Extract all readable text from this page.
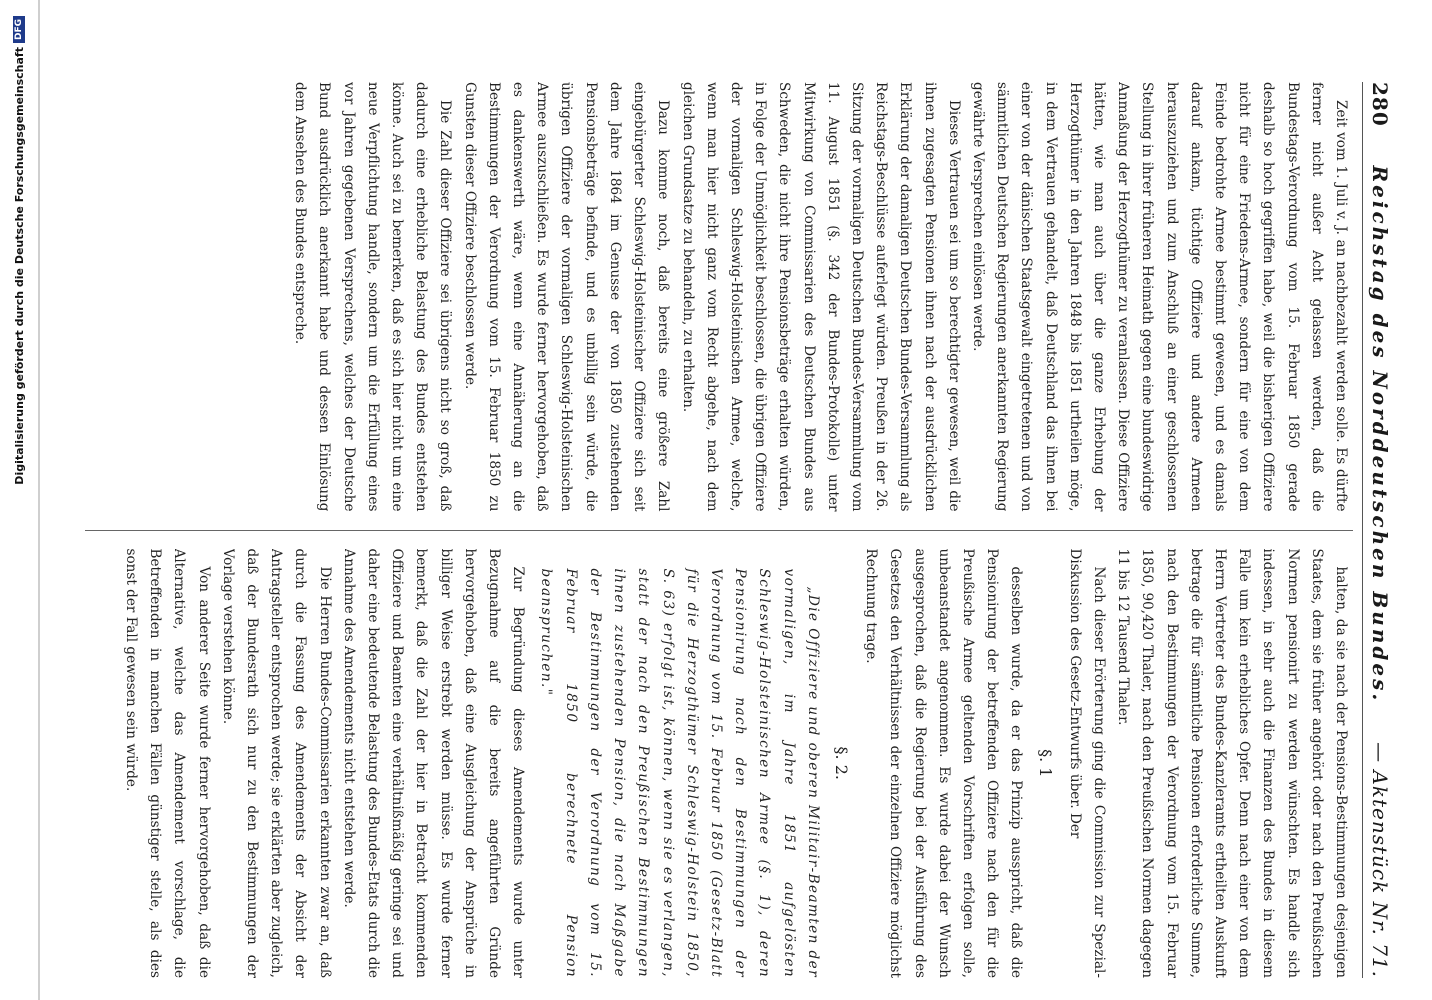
Digitalisierung gefördert durch die Deutsche Forschungsgemeinschaft
DFG
280
Reichstag des Norddeutschen Bundes.
— Aktenstück Nr. 71.

Zeit vom 1. Juli v. J. an nachbezahlt werden solle. Es dürfte ferner nicht außer Acht gelassen werden, daß die Bundestags-Verordnung vom 15. Februar 1850 gerade deshalb so hoch gegriffen habe, weil die bisherigen Offiziere nicht für eine Friedens-Armee, sondern für eine von dem Feinde bedrohte Armee bestimmt gewesen, und es damals darauf ankam, tüchtige Offiziere und andere Armeen herauszuziehen und zum Anschluß an einer geschlossenen Stellung in ihrer früheren Heimath gegen eine bundeswidrige Anmaßung der Herzogthümer zu veranlassen. Diese Offiziere hätten, wie man auch über die ganze Erhebung der Herzogthümer in den Jahren 1848 bis 1851 urtheilen möge, in dem Vertrauen gehandelt, daß Deutschland das ihnen bei einer von der dänischen Staatsgewalt eingetretenen und von sämmtlichen Deutschen Regierungen anerkannten Regierung gewährte Versprechen einlösen werde.

Dieses Vertrauen sei um so berechtigter gewesen, weil die ihnen zugesagten Pensionen ihnen nach der ausdrücklichen Erklärung der damaligen Deutschen Bundes-Versammlung als Reichstags-Beschlüsse auferlegt würden. Preußen in der 26. Sitzung der vormaligen Deutschen Bundes-Versammlung vom 11. August 1851 (§. 342 der Bundes-Protokolle) unter Mitwirkung von Commissarien des Deutschen Bundes aus Schweden, die nicht ihre Pensionsbeträge erhalten würden, in Folge der Unmöglichkeit beschlossen, die übrigen Offiziere der vormaligen Schleswig-Holsteinischen Armee, welche, wenn man hier nicht ganz vom Recht abgehe, nach dem gleichen Grundsatze zu behandeln, zu erhalten.

Dazu komme noch, daß bereits eine größere Zahl eingebürgerter Schleswig-Holsteinischer Offiziere sich seit dem Jahre 1864 im Genusse der von 1850 zustehenden Pensionsbeträge befinde, und es unbillig sein würde, die übrigen Offiziere der vormaligen Schleswig-Holsteinischen Armee auszuschließen. Es wurde ferner hervorgehoben, daß es dankenswerth wäre, wenn eine Annäherung an die Bestimmungen der Verordnung vom 15. Februar 1850 zu Gunsten dieser Offiziere beschlossen werde.

Die Zahl dieser Offiziere sei übrigens nicht so groß, daß dadurch eine erhebliche Belastung des Bundes entstehen könne. Auch sei zu bemerken, daß es sich hier nicht um eine neue Verpflichtung handle, sondern um die Erfüllung eines vor Jahren gegebenen Versprechens, welches der Deutsche Bund ausdrücklich anerkannt habe und dessen Einlösung dem Ansehen des Bundes entspreche.

halten, da sie nach der Pensions-Bestimmungen desjenigen Staates, dem sie früher angehört oder nach den Preußischen Normen pensionirt zu werden wünschten. Es handle sich indessen, in sehr auch die Finanzen des Bundes in diesem Falle um kein erhebliches Opfer. Denn nach einer von dem Herrn Vertreter des Bundes-Kanzleramts ertheilten Auskunft betrage die für sämmtliche Pensionen erforderliche Summe, nach den Bestimmungen der Verordnung vom 15. Februar 1850, 90,420 Thaler, nach den Preußischen Normen dagegen 11 bis 12 Tausend Thaler.

Nach dieser Erörterung ging die Commission zur Spezial-Diskussion des Gesetz-Entwurfs über. Der

§. 1

desselben wurde, da er das Prinzip ausspricht, daß die Pensionirung der betreffenden Offiziere nach den für die Preußische Armee geltenden Vorschriften erfolgen solle, unbeanstandet angenommen. Es wurde dabei der Wunsch ausgesprochen, daß die Regierung bei der Ausführung des Gesetzes den Verhältnissen der einzelnen Offiziere möglichst Rechnung trage.

§. 2.

„Die Offiziere und oberen Militair-Beamten der vormaligen, im Jahre 1851 aufgelösten Schleswig-Holsteinischen Armee (§. 1), deren Pensionirung nach den Bestimmungen der Verordnung vom 15. Februar 1850 (Gesetz-Blatt für die Herzogthümer Schleswig-Holstein 1850, S. 63) erfolgt ist, können, wenn sie es verlangen, statt der nach den Preußischen Bestimmungen ihnen zustehenden Pension, die nach Maßgabe der Bestimmungen der Verordnung vom 15. Februar 1850 berechnete Pension beanspruchen."

Zur Begründung dieses Amendements wurde unter Bezugnahme auf die bereits angeführten Gründe hervorgehoben, daß eine Ausgleichung der Ansprüche in billiger Weise erstrebt werden müsse. Es wurde ferner bemerkt, daß die Zahl der hier in Betracht kommenden Offiziere und Beamten eine verhältnißmäßig geringe sei und daher eine bedeutende Belastung des Bundes-Etats durch die Annahme des Amendements nicht entstehen werde.

Die Herren Bundes-Commissarien erkannten zwar an, daß durch die Fassung des Amendements der Absicht der Antragsteller entsprochen werde; sie erklärten aber zugleich, daß der Bundesrath sich nur zu den Bestimmungen der Vorlage verstehen könne.

Von anderer Seite wurde ferner hervorgehoben, daß die Alternative, welche das Amendement vorschlage, die Betreffenden in manchen Fällen günstiger stelle, als dies sonst der Fall gewesen sein würde.
